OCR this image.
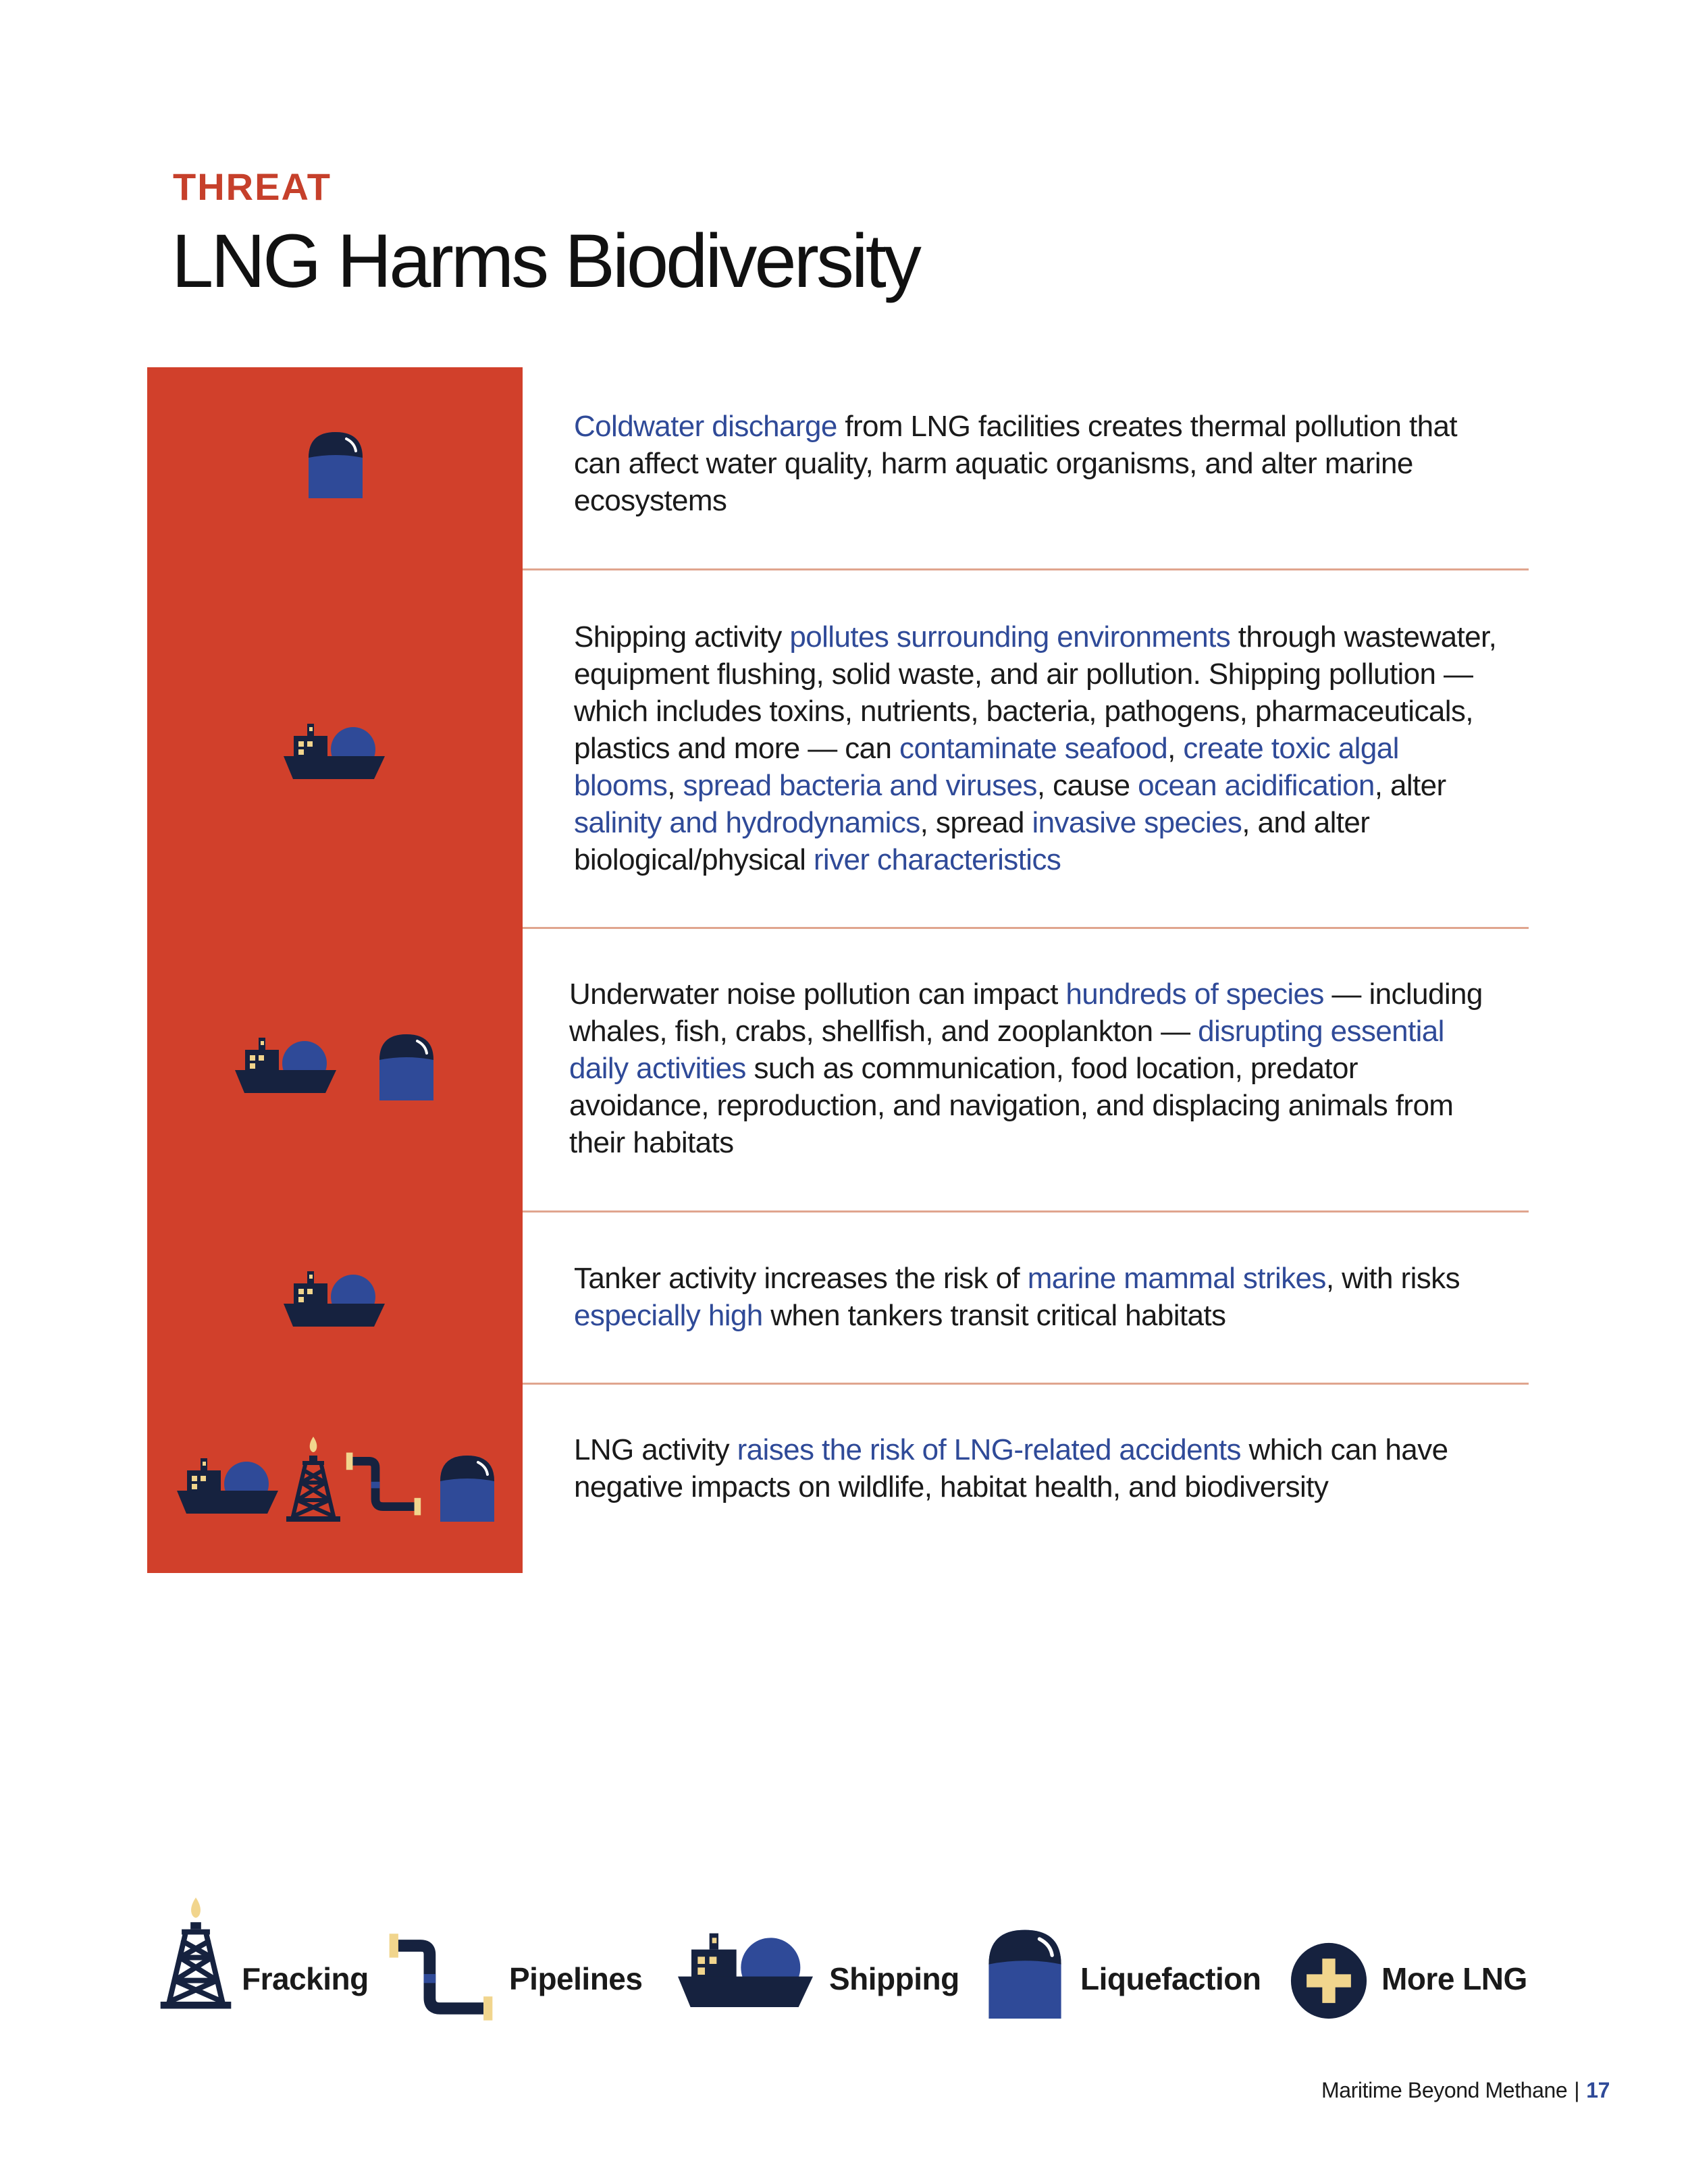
THREAT
LNG Harms Biodiversity
Coldwater discharge from LNG facilities creates thermal pollution that can affect water quality, harm aquatic organisms, and alter marine ecosystems
Shipping activity pollutes surrounding environments through wastewater, equipment flushing, solid waste, and air pollution. Shipping pollution — which includes toxins, nutrients, bacteria, pathogens, pharmaceuticals, plastics and more — can contaminate seafood, create toxic algal blooms, spread bacteria and viruses, cause ocean acidification, alter salinity and hydrodynamics, spread invasive species, and alter biological/physical river characteristics
Underwater noise pollution can impact hundreds of species — including whales, fish, crabs, shellfish, and zooplankton — disrupting essential daily activities such as communication, food location, predator avoidance, reproduction, and navigation, and displacing animals from their habitats
Tanker activity increases the risk of marine mammal strikes, with risks especially high when tankers transit critical habitats
LNG activity raises the risk of LNG-related accidents which can have negative impacts on wildlife, habitat health, and biodiversity
Fracking	Pipelines	Shipping	Liquefaction	More LNG
Maritime Beyond Methane | 17
